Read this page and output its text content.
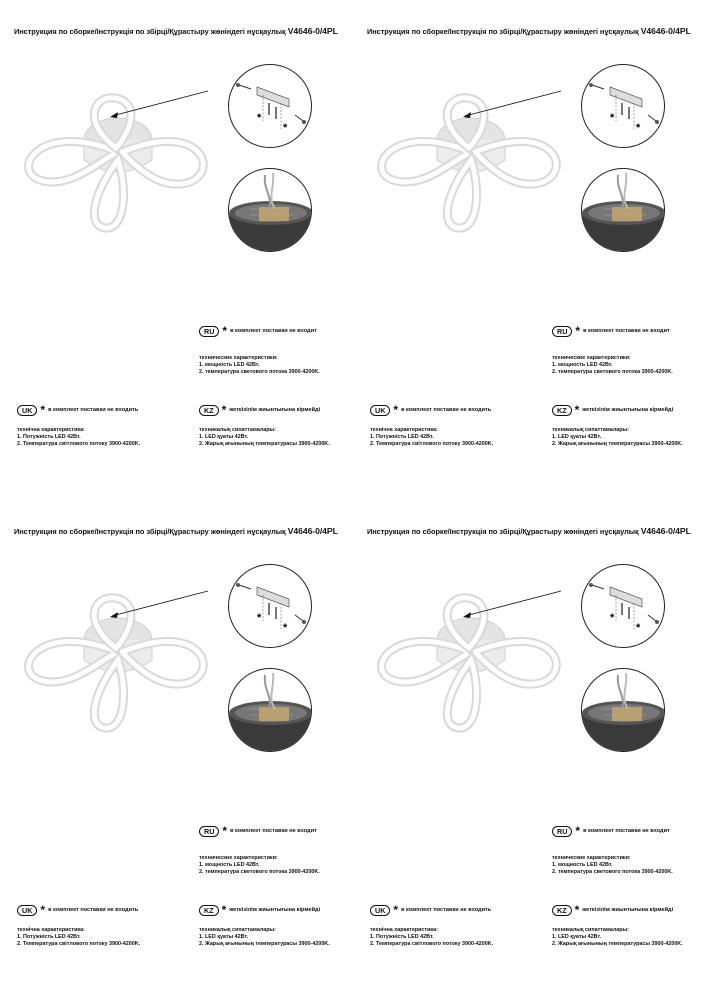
Инструкция по сборке/Інструкція по збірці/Құрастыру жөніндегі нұсқаулық V4646-0/4PL
*
*
RU * в комплект поставки не входит
технические характеристики:
1. мощность LED 42Вт.
2. температура светового потока 3900-4200K.
UK * в комплект поставки не входить	KZ * жеткізілім жиынтығына кірмейді
технічна характеристика:
1. Потужність LED 42Вт.
2. Температура світлового потоку 3900-4200K.
техникалық сипаттамалары:
1. LED қуаты 42Вт.
2. Жарық ағынының температурасы 3900-4200K.
Инструкция по сборке/Інструкція по збірці/Құрастыру жөніндегі нұсқаулық V4646-0/4PL
*
*
RU * в комплект поставки не входит
технические характеристики:
1. мощность LED 42Вт.
2. температура светового потока 3900-4200K.
UK * в комплект поставки не входить	KZ * жеткізілім жиынтығына кірмейді
технічна характеристика:
1. Потужність LED 42Вт.
2. Температура світлового потоку 3900-4200K.
техникалық сипаттамалары:
1. LED қуаты 42Вт.
2. Жарық ағынының температурасы 3900-4200K.
Инструкция по сборке/Інструкція по збірці/Құрастыру жөніндегі нұсқаулық V4646-0/4PL
*
*
RU * в комплект поставки не входит
технические характеристики:
1. мощность LED 42Вт.
2. температура светового потока 3900-4200K.
UK * в комплект поставки не входить	KZ * жеткізілім жиынтығына кірмейді
технічна характеристика:
1. Потужність LED 42Вт.
2. Температура світлового потоку 3900-4200K.
техникалық сипаттамалары:
1. LED қуаты 42Вт.
2. Жарық ағынының температурасы 3900-4200K.
Инструкция по сборке/Інструкція по збірці/Құрастыру жөніндегі нұсқаулық V4646-0/4PL
*
*
RU * в комплект поставки не входит
технические характеристики:
1. мощность LED 42Вт.
2. температура светового потока 3900-4200K.
UK * в комплект поставки не входить	KZ * жеткізілім жиынтығына кірмейді
технічна характеристика:
1. Потужність LED 42Вт.
2. Температура світлового потоку 3900-4200K.
техникалық сипаттамалары:
1. LED қуаты 42Вт.
2. Жарық ағынының температурасы 3900-4200K.
